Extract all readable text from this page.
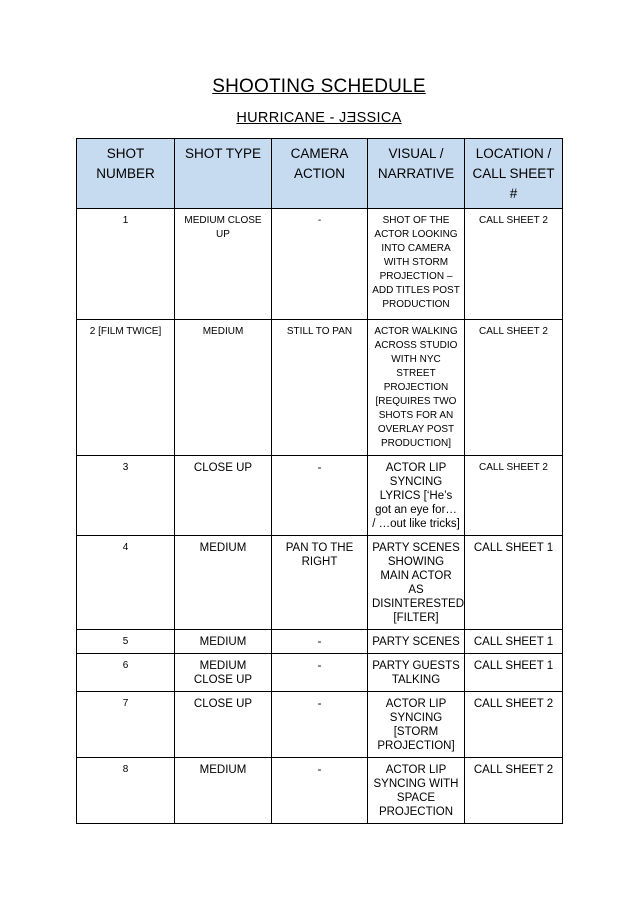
SHOOTING SCHEDULE
HURRICANE - JƎSSICA
SHOT NUMBER	SHOT TYPE	CAMERA ACTION	VISUAL / NARRATIVE	LOCATION / CALL SHEET #
1	MEDIUM CLOSE UP	-	SHOT OF THE ACTOR LOOKING INTO CAMERA WITH STORM PROJECTION – ADD TITLES POST PRODUCTION	CALL SHEET 2
2 [FILM TWICE]	MEDIUM	STILL TO PAN	ACTOR WALKING ACROSS STUDIO WITH NYC STREET PROJECTION [REQUIRES TWO SHOTS FOR AN OVERLAY POST PRODUCTION]	CALL SHEET 2
3	CLOSE UP	-	ACTOR LIP SYNCING LYRICS [‘He’s got an eye for… / …out like tricks]	CALL SHEET 2
4	MEDIUM	PAN TO THE RIGHT	PARTY SCENES SHOWING MAIN ACTOR AS DISINTERESTED [FILTER]	CALL SHEET 1
5	MEDIUM	-	PARTY SCENES	CALL SHEET 1
6	MEDIUM CLOSE UP	-	PARTY GUESTS TALKING	CALL SHEET 1
7	CLOSE UP	-	ACTOR LIP SYNCING [STORM PROJECTION]	CALL SHEET 2
8	MEDIUM	-	ACTOR LIP SYNCING WITH SPACE PROJECTION	CALL SHEET 2
